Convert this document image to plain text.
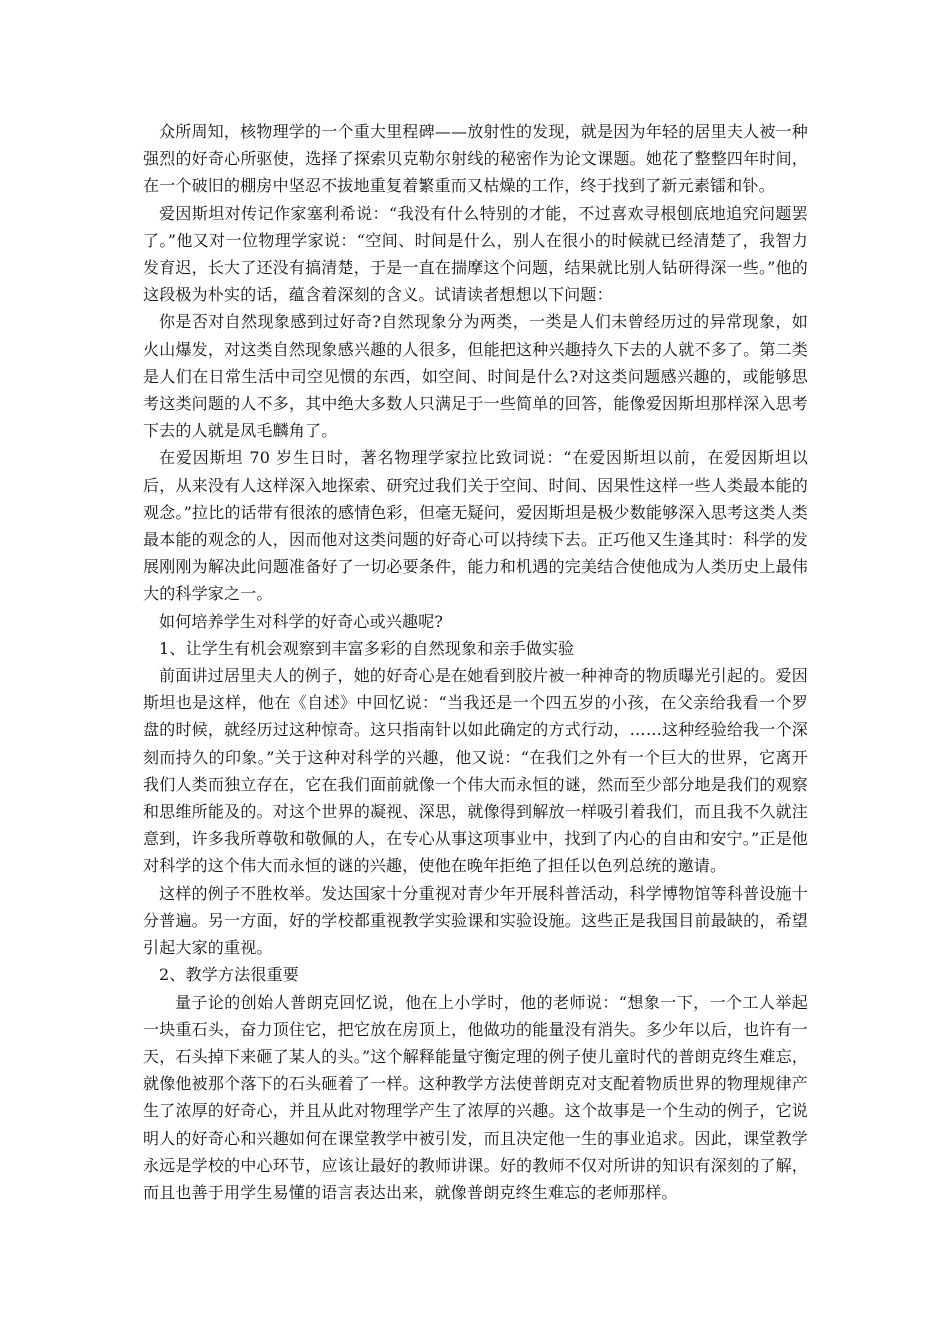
众所周知，核物理学的一个重大里程碑——放射性的发现，就是因为年轻的居里夫人被一种强烈的好奇心所驱使，选择了探索贝克勒尔射线的秘密作为论文课题。她花了整整四年时间，在一个破旧的棚房中坚忍不拔地重复着繁重而又枯燥的工作，终于找到了新元素镭和钋。

爱因斯坦对传记作家塞利希说：“我没有什么特别的才能，不过喜欢寻根刨底地追究问题罢了。”他又对一位物理学家说：“空间、时间是什么，别人在很小的时候就已经清楚了，我智力发育迟，长大了还没有搞清楚，于是一直在揣摩这个问题，结果就比别人钻研得深一些。”他的这段极为朴实的话，蕴含着深刻的含义。试请读者想想以下问题：

你是否对自然现象感到过好奇?自然现象分为两类，一类是人们未曾经历过的异常现象，如火山爆发，对这类自然现象感兴趣的人很多，但能把这种兴趣持久下去的人就不多了。第二类是人们在日常生活中司空见惯的东西，如空间、时间是什么?对这类问题感兴趣的，或能够思考这类问题的人不多，其中绝大多数人只满足于一些简单的回答，能像爱因斯坦那样深入思考下去的人就是凤毛麟角了。

在爱因斯坦 70 岁生日时，著名物理学家拉比致词说：“在爱因斯坦以前，在爱因斯坦以后，从来没有人这样深入地探索、研究过我们关于空间、时间、因果性这样一些人类最本能的观念。”拉比的话带有很浓的感情色彩，但毫无疑问，爱因斯坦是极少数能够深入思考这类人类最本能的观念的人，因而他对这类问题的好奇心可以持续下去。正巧他又生逢其时：科学的发展刚刚为解决此问题准备好了一切必要条件，能力和机遇的完美结合使他成为人类历史上最伟大的科学家之一。

如何培养学生对科学的好奇心或兴趣呢?

1、让学生有机会观察到丰富多彩的自然现象和亲手做实验

前面讲过居里夫人的例子，她的好奇心是在她看到胶片被一种神奇的物质曝光引起的。爱因斯坦也是这样，他在《自述》中回忆说：“当我还是一个四五岁的小孩，在父亲给我看一个罗盘的时候，就经历过这种惊奇。这只指南针以如此确定的方式行动，……这种经验给我一个深刻而持久的印象。”关于这种对科学的兴趣，他又说：“在我们之外有一个巨大的世界，它离开我们人类而独立存在，它在我们面前就像一个伟大而永恒的谜，然而至少部分地是我们的观察和思维所能及的。对这个世界的凝视、深思，就像得到解放一样吸引着我们，而且我不久就注意到，许多我所尊敬和敬佩的人，在专心从事这项事业中，找到了内心的自由和安宁。”正是他对科学的这个伟大而永恒的谜的兴趣，使他在晚年拒绝了担任以色列总统的邀请。

这样的例子不胜枚举。发达国家十分重视对青少年开展科普活动，科学博物馆等科普设施十分普遍。另一方面，好的学校都重视教学实验课和实验设施。这些正是我国目前最缺的，希望引起大家的重视。

2、教学方法很重要

量子论的创始人普朗克回忆说，他在上小学时，他的老师说：“想象一下，一个工人举起一块重石头，奋力顶住它，把它放在房顶上，他做功的能量没有消失。多少年以后，也许有一天，石头掉下来砸了某人的头。”这个解释能量守衡定理的例子使儿童时代的普朗克终生难忘，就像他被那个落下的石头砸着了一样。这种教学方法使普朗克对支配着物质世界的物理规律产生了浓厚的好奇心，并且从此对物理学产生了浓厚的兴趣。这个故事是一个生动的例子，它说明人的好奇心和兴趣如何在课堂教学中被引发，而且决定他一生的事业追求。因此，课堂教学永远是学校的中心环节，应该让最好的教师讲课。好的教师不仅对所讲的知识有深刻的了解，而且也善于用学生易懂的语言表达出来，就像普朗克终生难忘的老师那样。
